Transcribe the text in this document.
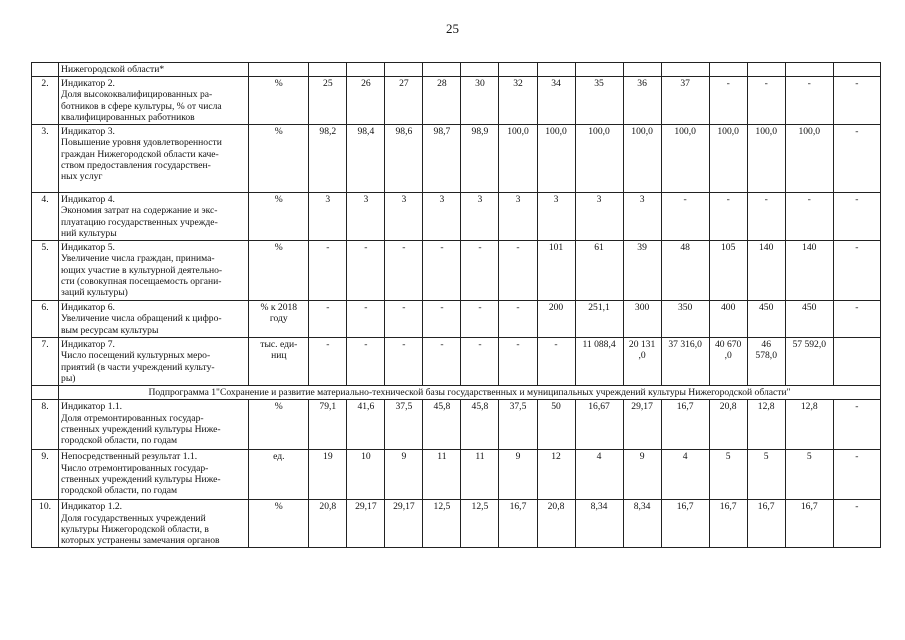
25
	Нижегородской области*															
2.	Индикатор 2.
Доля высококвалифицированных ра-
ботников в сфере культуры, % от числа
квалифицированных работников	%	25	26	27	28	30	32	34	35	36	37	-	-	-	-
3.	Индикатор 3.
Повышение уровня удовлетворенности
граждан Нижегородской области каче-
ством предоставления государствен-
ных услуг	%	98,2	98,4	98,6	98,7	98,9	100,0	100,0	100,0	100,0	100,0	100,0	100,0	100,0	-
4.	Индикатор 4.
Экономия затрат на содержание и экс-
плуатацию государственных учрежде-
ний культуры	%	3	3	3	3	3	3	3	3	3	-	-	-	-	-
5.	Индикатор 5.
Увеличение числа граждан, принима-
ющих участие в культурной деятельно-
сти (совокупная посещаемость органи-
заций культуры)	%	-	-	-	-	-	-	101	61	39	48	105	140	140	-
6.	Индикатор 6.
Увеличение числа обращений к цифро-
вым ресурсам культуры	% к 2018
году	-	-	-	-	-	-	200	251,1	300	350	400	450	450	-
7.	Индикатор 7.
Число посещений культурных меро-
приятий (в части учреждений культу-
ры)	тыс. еди-
ниц	-	-	-	-	-	-	-	11 088,4	20 131
,0	37 316,0	40 670
,0	46
578,0	57 592,0	
	Подпрограмма 1"Сохранение и развитие материально-технической базы государственных и муниципальных учреждений культуры Нижегородской области"															
8.	Индикатор 1.1.
Доля отремонтированных государ-
ственных учреждений культуры Ниже-
городской области, по годам	%	79,1	41,6	37,5	45,8	45,8	37,5	50	16,67	29,17	16,7	20,8	12,8	12,8	-
9.	Непосредственный результат 1.1.
Число отремонтированных государ-
ственных учреждений культуры Ниже-
городской области, по годам	ед.	19	10	9	11	11	9	12	4	9	4	5	5	5	-
10.	Индикатор 1.2.
Доля государственных учреждений
культуры Нижегородской области, в
которых устранены замечания органов	%	20,8	29,17	29,17	12,5	12,5	16,7	20,8	8,34	8,34	16,7	16,7	16,7	16,7	-
